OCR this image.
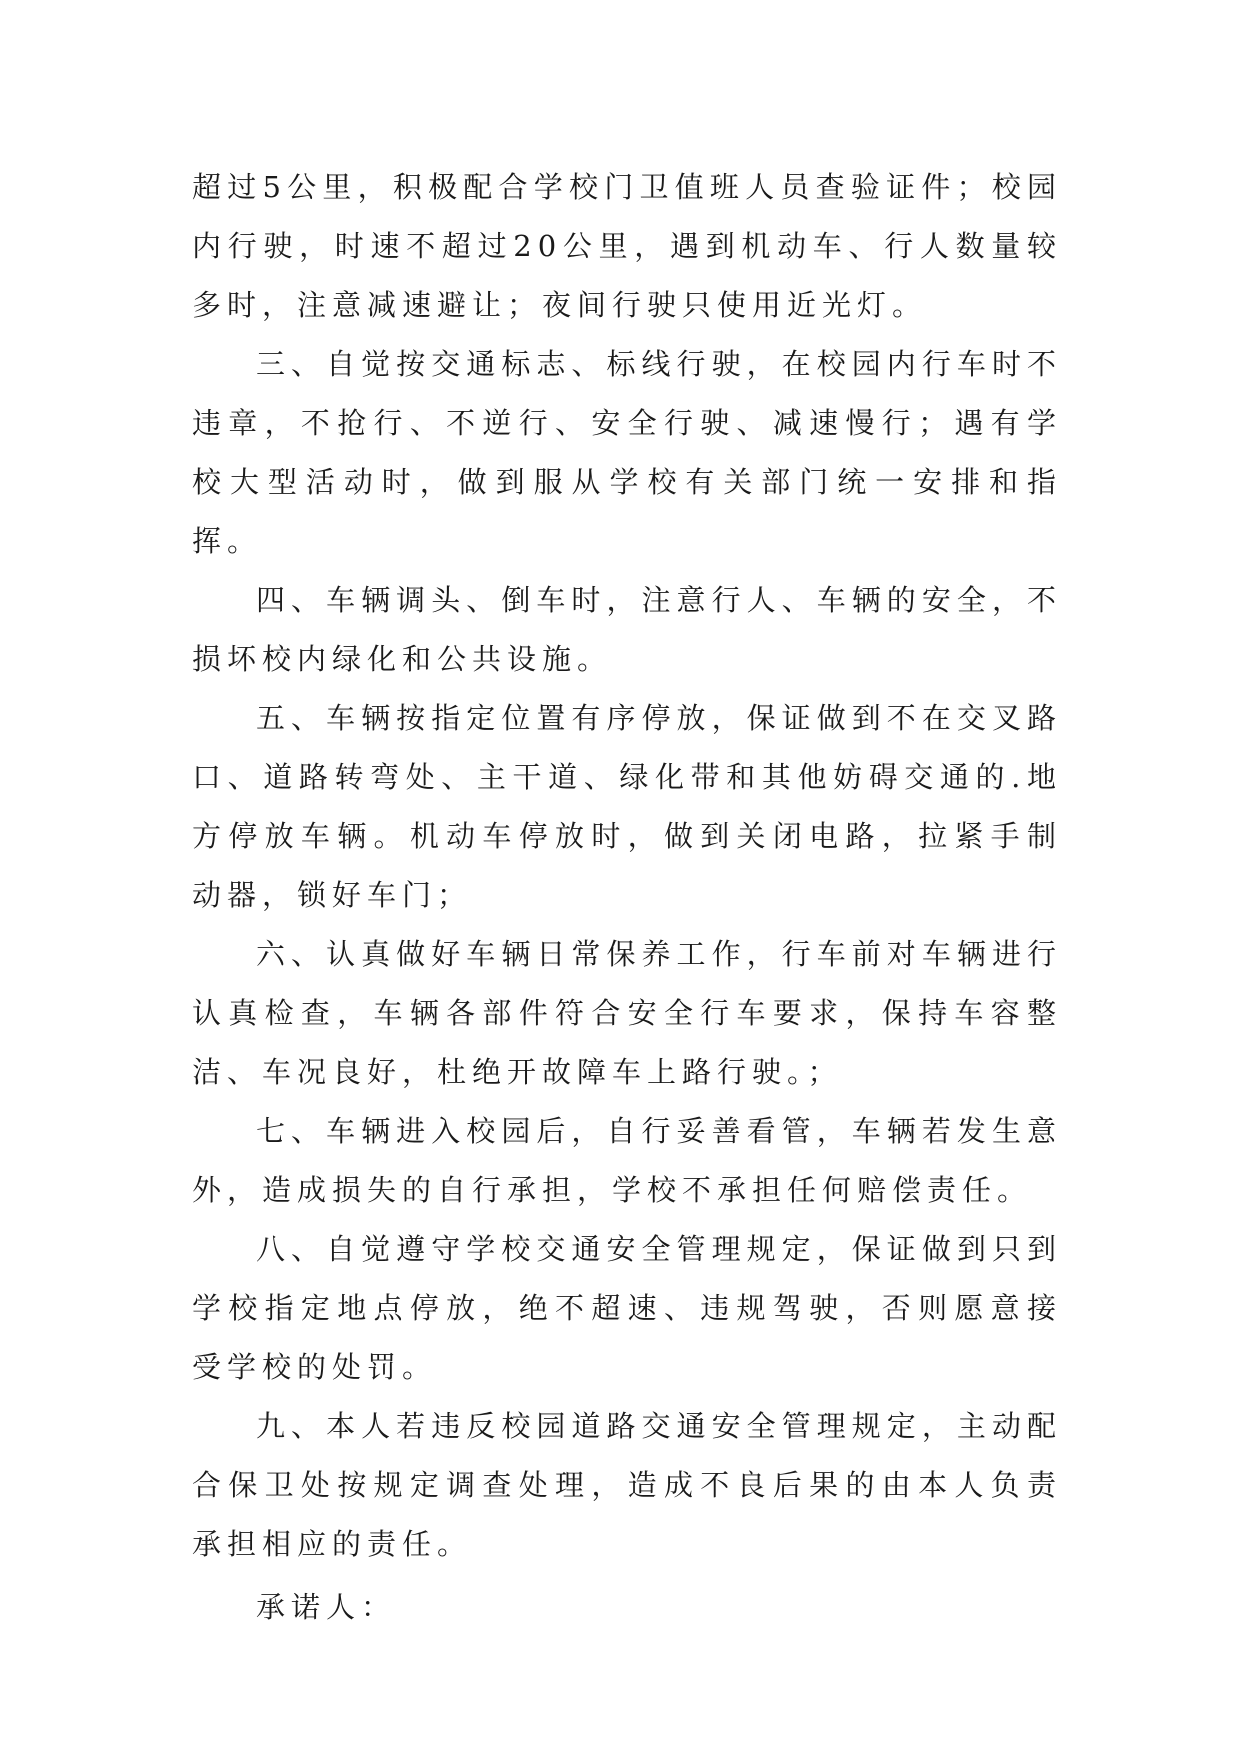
超过5公里，积极配合学校门卫值班人员查验证件；校园内行驶，时速不超过20公里，遇到机动车、行人数量较多时，注意减速避让；夜间行驶只使用近光灯。

三、自觉按交通标志、标线行驶，在校园内行车时不违章，不抢行、不逆行、安全行驶、减速慢行；遇有学校大型活动时，做到服从学校有关部门统一安排和指挥。

四、车辆调头、倒车时，注意行人、车辆的安全，不损坏校内绿化和公共设施。

五、车辆按指定位置有序停放，保证做到不在交叉路口、道路转弯处、主干道、绿化带和其他妨碍交通的.地方停放车辆。机动车停放时，做到关闭电路，拉紧手制动器，锁好车门；

六、认真做好车辆日常保养工作，行车前对车辆进行认真检查，车辆各部件符合安全行车要求，保持车容整洁、车况良好，杜绝开故障车上路行驶。；

七、车辆进入校园后，自行妥善看管，车辆若发生意外，造成损失的自行承担，学校不承担任何赔偿责任。

八、自觉遵守学校交通安全管理规定，保证做到只到学校指定地点停放，绝不超速、违规驾驶，否则愿意接受学校的处罚。

九、本人若违反校园道路交通安全管理规定，主动配合保卫处按规定调查处理，造成不良后果的由本人负责承担相应的责任。

承诺人：
